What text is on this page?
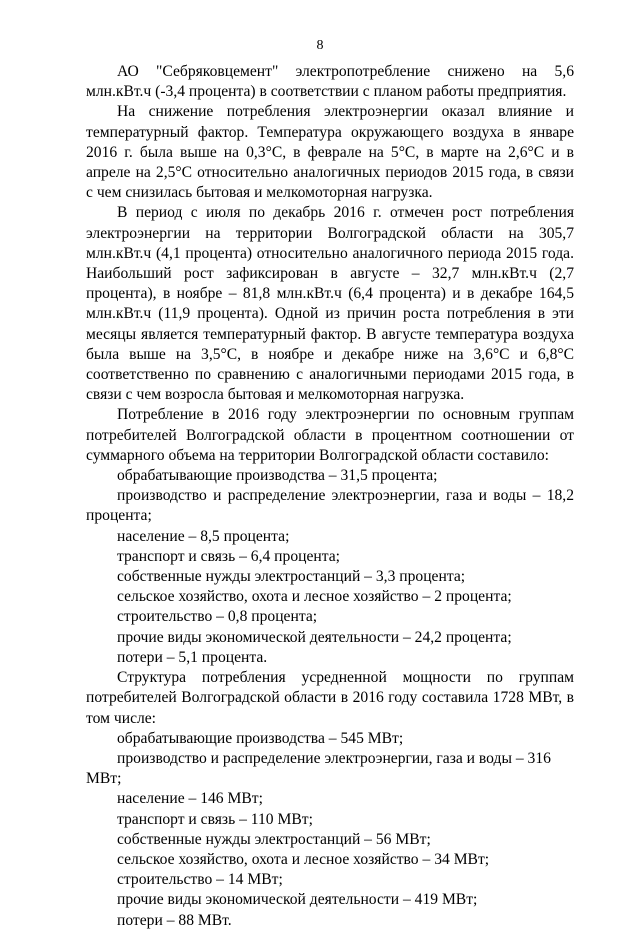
8

АО "Себряковцемент" электропотребление снижено на 5,6 млн.кВт.ч (-3,4 процента) в соответствии с планом работы предприятия.

На снижение потребления электроэнергии оказал влияние и температурный фактор. Температура окружающего воздуха в январе 2016 г. была выше на 0,3°С, в феврале на 5°С, в марте на 2,6°С и в апреле на 2,5°С относительно аналогичных периодов 2015 года, в связи с чем снизилась бытовая и мелкомоторная нагрузка.

В период с июля по декабрь 2016 г. отмечен рост потребления электроэнергии на территории Волгоградской области на 305,7 млн.кВт.ч (4,1 процента) относительно аналогичного периода 2015 года. Наибольший рост зафиксирован в августе – 32,7 млн.кВт.ч (2,7 процента), в ноябре – 81,8 млн.кВт.ч (6,4 процента) и в декабре 164,5 млн.кВт.ч (11,9 процента). Одной из причин роста потребления в эти месяцы является температурный фактор. В августе температура воздуха была выше на 3,5°С, в ноябре и декабре ниже на 3,6°С и 6,8°С соответственно по сравнению с аналогичными периодами 2015 года, в связи с чем возросла бытовая и мелкомоторная нагрузка.

Потребление в 2016 году электроэнергии по основным группам потребителей Волгоградской области в процентном соотношении от суммарного объема на территории Волгоградской области составило:

обрабатывающие производства – 31,5 процента;

производство и распределение электроэнергии, газа и воды – 18,2 процента;

население – 8,5 процента;

транспорт и связь – 6,4 процента;

собственные нужды электростанций – 3,3 процента;

сельское хозяйство, охота и лесное хозяйство – 2 процента;

строительство – 0,8 процента;

прочие виды экономической деятельности – 24,2 процента;

потери – 5,1 процента.

Структура потребления усредненной мощности по группам потребителей Волгоградской области в 2016 году составила 1728 МВт, в том числе:

обрабатывающие производства – 545 МВт;

производство и распределение электроэнергии, газа и воды – 316 МВт;

население – 146 МВт;

транспорт и связь – 110 МВт;

собственные нужды электростанций – 56 МВт;

сельское хозяйство, охота и лесное хозяйство – 34 МВт;

строительство – 14 МВт;

прочие виды экономической деятельности – 419 МВт;

потери – 88 МВт.
